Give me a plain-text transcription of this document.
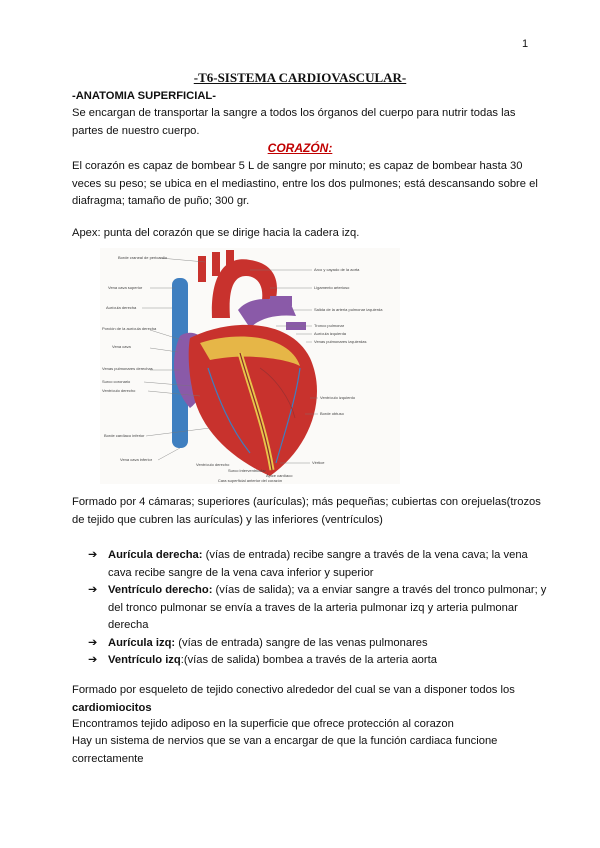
1
-T6-SISTEMA CARDIOVASCULAR-
-ANATOMIA SUPERFICIAL-
Se encargan de transportar la sangre a todos los órganos del cuerpo para nutrir todas las partes de nuestro cuerpo.
CORAZÓN:
El corazón es capaz de bombear 5 L de sangre por minuto; es capaz de bombear hasta 30 veces su peso; se ubica en el mediastino, entre los dos pulmones; está descansando sobre el diafragma; tamaño de puño; 300 gr.
Apex: punta del corazón que se dirige hacia la cadera izq.
Borde craneal de pericardio
Vena cava superior
Aurícula derecha
Porción de la aurícula derecha
Vena cava
Venas pulmonares derechas
Surco coronario
Ventrículo derecho
Borde cardíaco inferior
Vena cava inferior
Arco y cayado de la aorta
Ligamento arterioso
Salida de la arteria pulmonar izquierda
Tronco pulmonar
Aurícula izquierda
Venas pulmonares izquierdas
Ventrículo izquierdo
Borde obtuso
Vértice
Ventrículo derecho
Surco interventricular
Ápice cardíaco
Cara superficial anterior del corazón
Formado por 4 cámaras; superiores (aurículas); más pequeñas; cubiertas con orejuelas(trozos de tejido que cubren las aurículas) y las inferiores (ventrículos)
➔ Aurícula derecha: (vías de entrada) recibe sangre a través de la vena cava; la vena cava recibe sangre de la vena cava inferior y superior
➔ Ventrículo derecho: (vías de salida); va a enviar sangre a través del tronco pulmonar; y del tronco pulmonar se envía a traves de la arteria pulmonar izq y arteria pulmonar derecha
➔ Aurícula izq: (vías de entrada) sangre de las venas pulmonares
➔ Ventrículo izq:(vías de salida) bombea a través de la arteria aorta
Formado por esqueleto de tejido conectivo alrededor del cual se van a disponer todos los
cardiomiocitos
Encontramos tejido adiposo en la superficie que ofrece protección al corazon
Hay un sistema de nervios que se van a encargar de que la función cardiaca funcione correctamente
